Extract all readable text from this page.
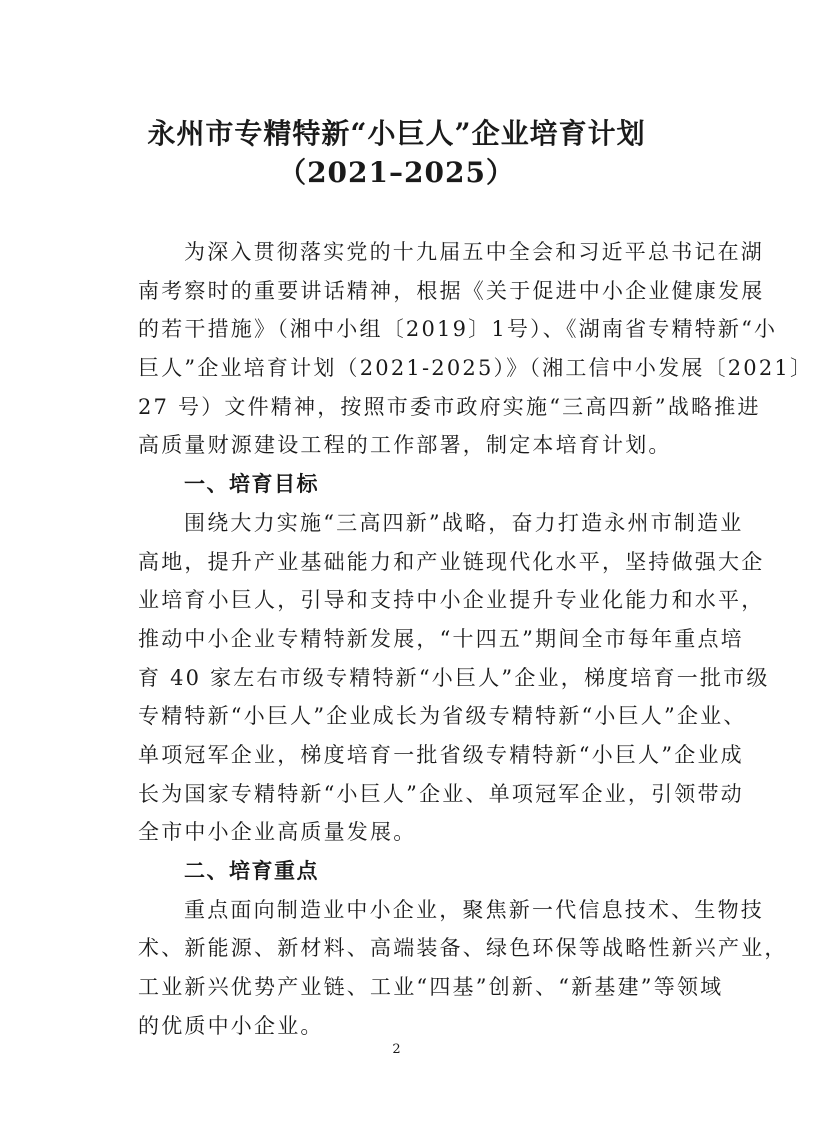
永州市专精特新“小巨人”企业培育计划
（2021–2025）
为深入贯彻落实党的十九届五中全会和习近平总书记在湖
南考察时的重要讲话精神，根据《关于促进中小企业健康发展
的若干措施》（湘中小组〔2019〕1号）、《湖南省专精特新“小
巨人”企业培育计划（2021-2025）》（湘工信中小发展〔2021〕
27 号）文件精神，按照市委市政府实施“三高四新”战略推进
高质量财源建设工程的工作部署，制定本培育计划。
一、培育目标
围绕大力实施“三高四新”战略，奋力打造永州市制造业
高地，提升产业基础能力和产业链现代化水平，坚持做强大企
业培育小巨人，引导和支持中小企业提升专业化能力和水平，
推动中小企业专精特新发展，“十四五”期间全市每年重点培
育 40 家左右市级专精特新“小巨人”企业，梯度培育一批市级
专精特新“小巨人”企业成长为省级专精特新“小巨人”企业、
单项冠军企业，梯度培育一批省级专精特新“小巨人”企业成
长为国家专精特新“小巨人”企业、单项冠军企业，引领带动
全市中小企业高质量发展。
二、培育重点
重点面向制造业中小企业，聚焦新一代信息技术、生物技
术、新能源、新材料、高端装备、绿色环保等战略性新兴产业，
工业新兴优势产业链、工业“四基”创新、“新基建”等领域
的优质中小企业。
2
